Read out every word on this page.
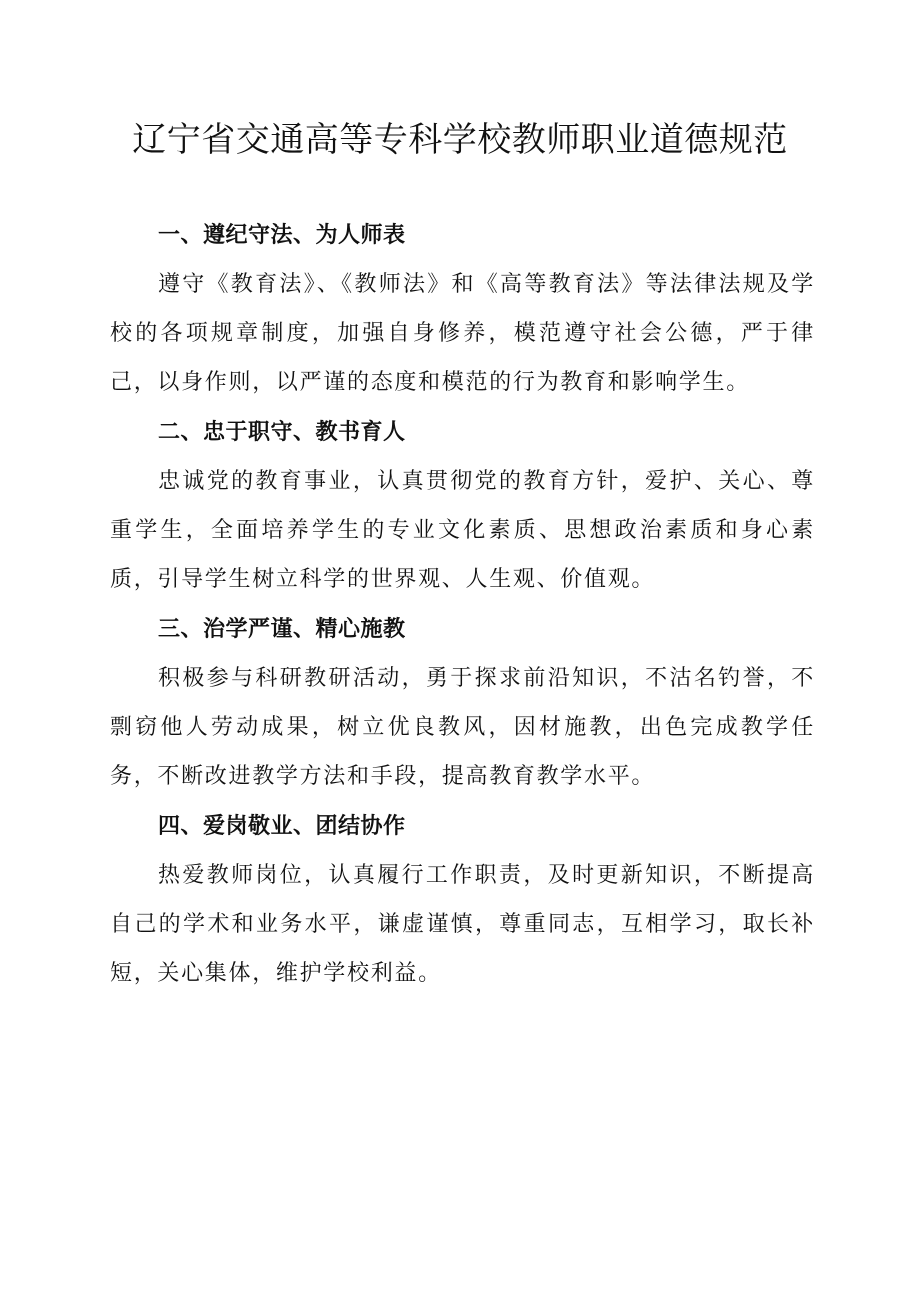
辽宁省交通高等专科学校教师职业道德规范
一、遵纪守法、为人师表

遵守《教育法》、《教师法》和《高等教育法》等法律法规及学校的各项规章制度，加强自身修养，模范遵守社会公德，严于律己，以身作则，以严谨的态度和模范的行为教育和影响学生。

二、忠于职守、教书育人

忠诚党的教育事业，认真贯彻党的教育方针，爱护、关心、尊重学生，全面培养学生的专业文化素质、思想政治素质和身心素质，引导学生树立科学的世界观、人生观、价值观。

三、治学严谨、精心施教

积极参与科研教研活动，勇于探求前沿知识，不沽名钓誉，不剽窃他人劳动成果，树立优良教风，因材施教，出色完成教学任务，不断改进教学方法和手段，提高教育教学水平。

四、爱岗敬业、团结协作

热爱教师岗位，认真履行工作职责，及时更新知识，不断提高自己的学术和业务水平，谦虚谨慎，尊重同志，互相学习，取长补短，关心集体，维护学校利益。
